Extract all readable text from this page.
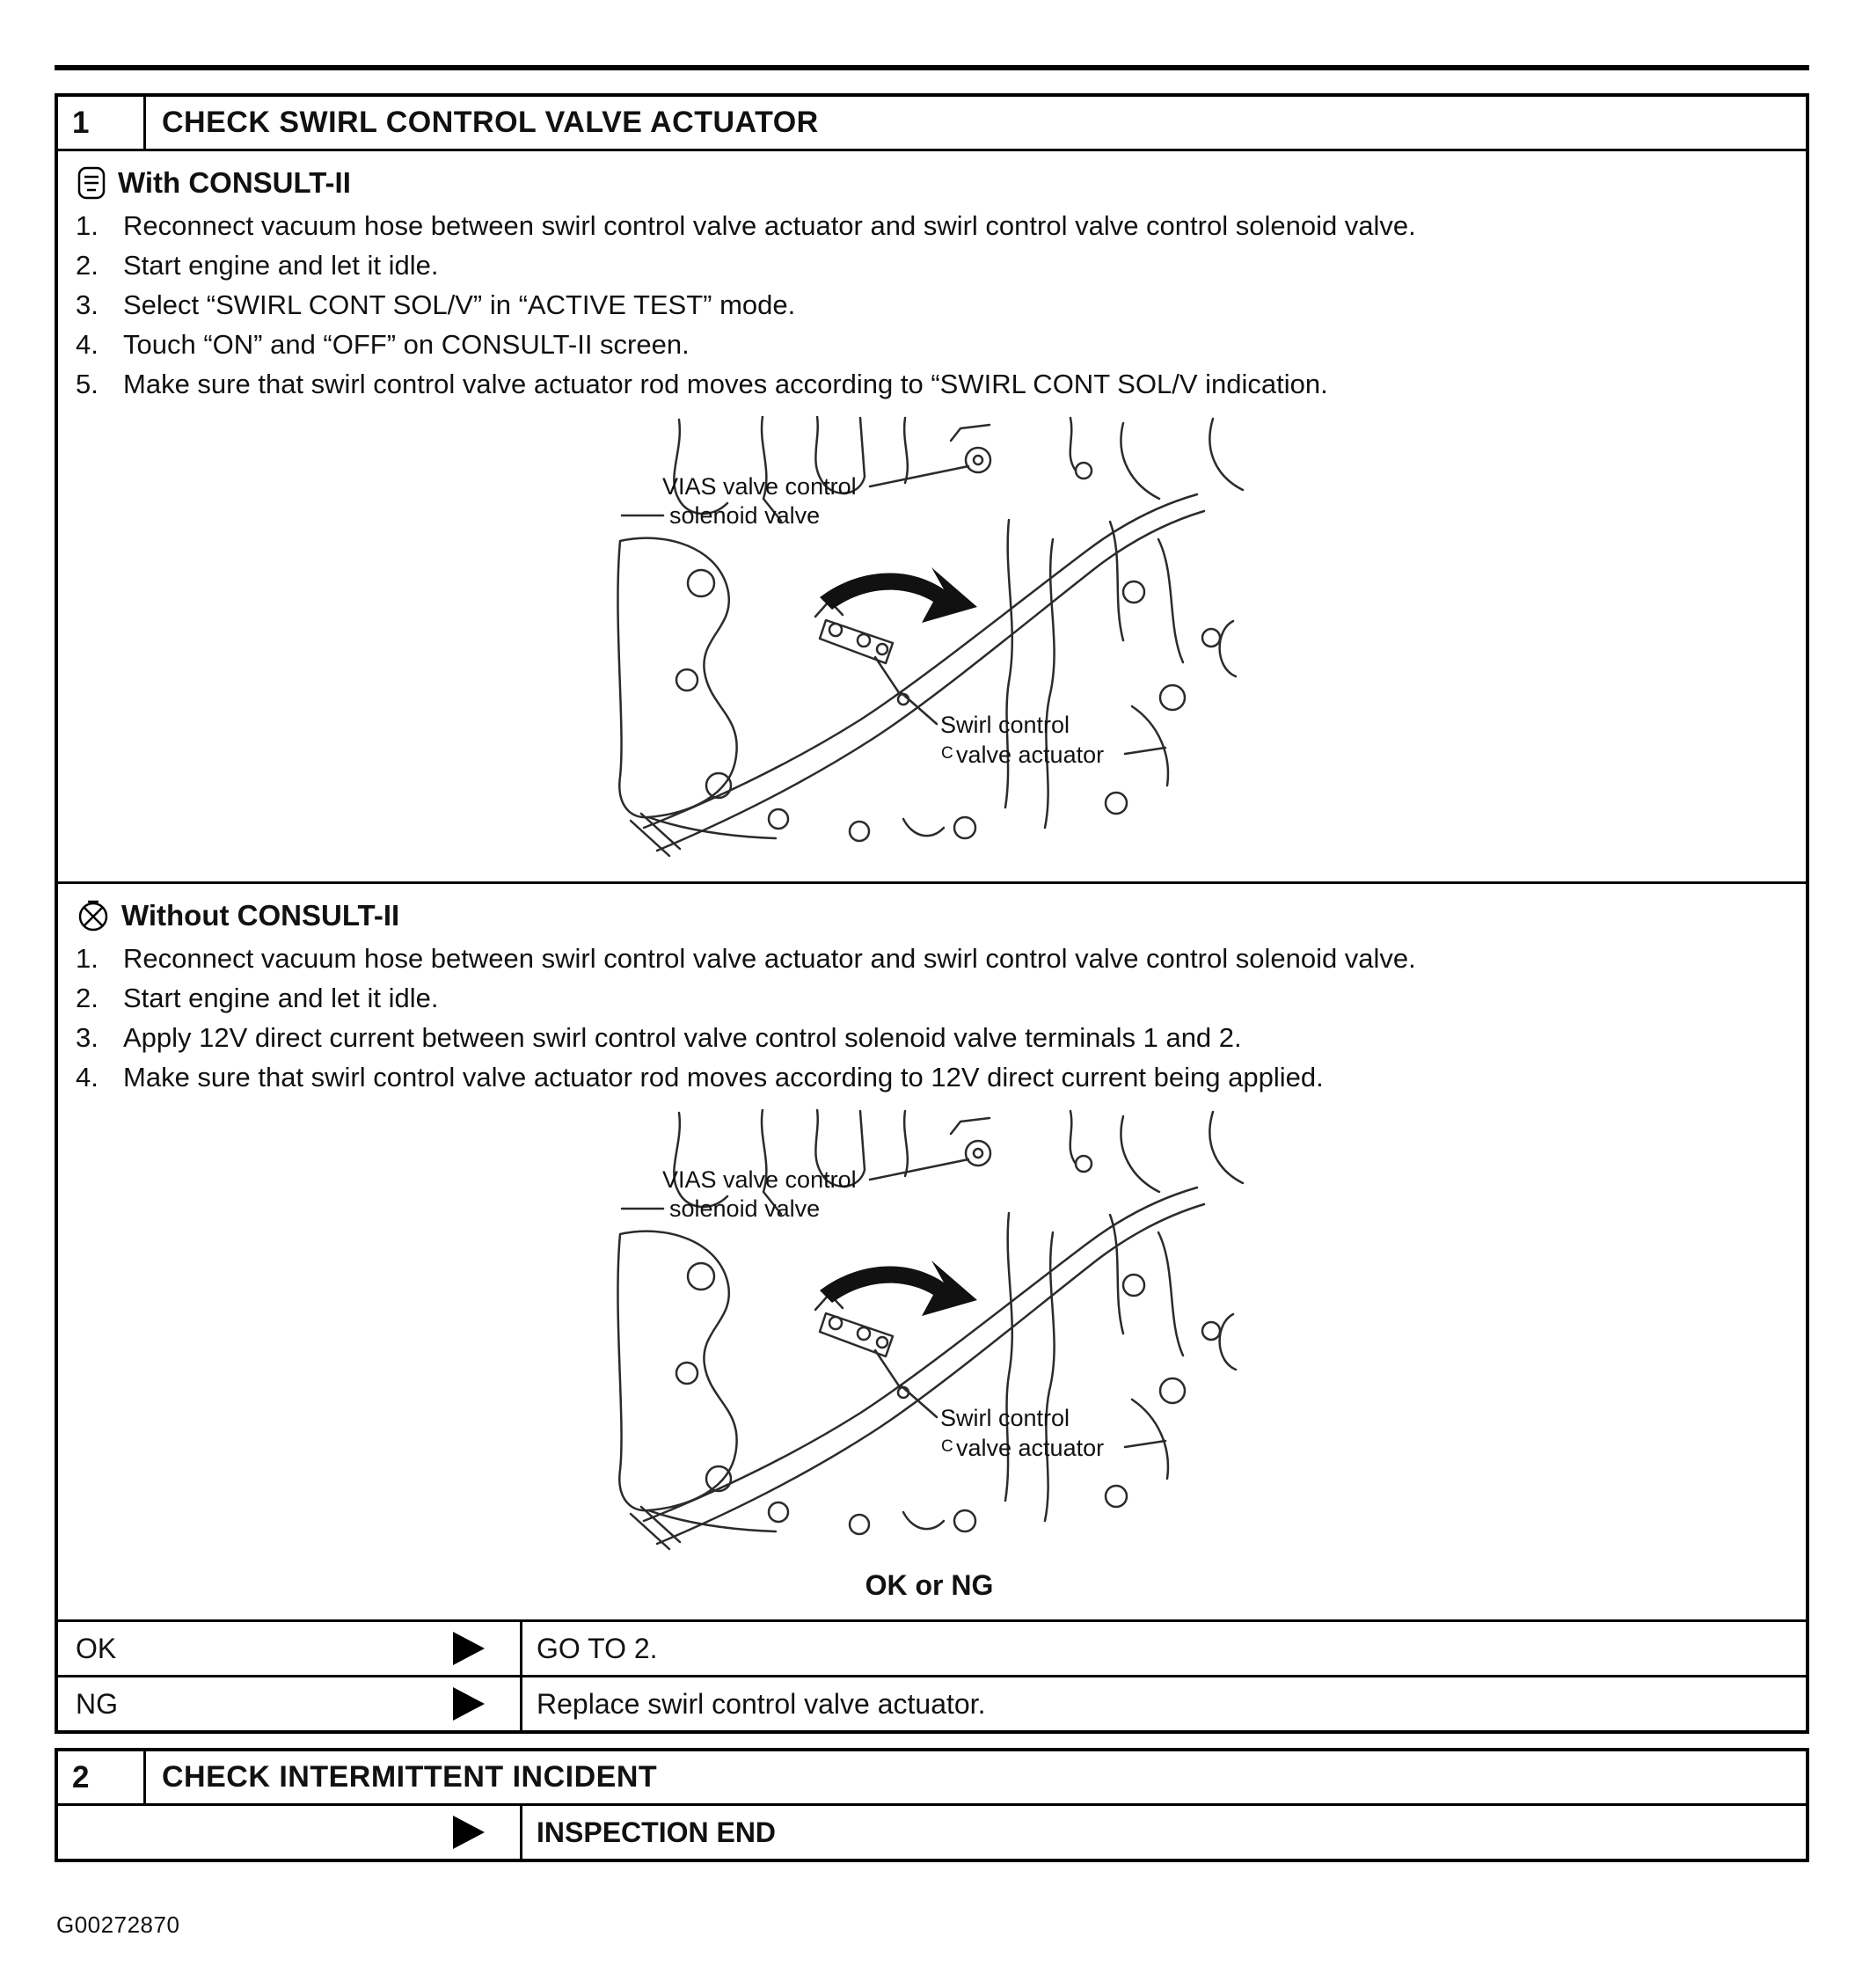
1	CHECK SWIRL CONTROL VALVE ACTUATOR
With CONSULT-II
1. Reconnect vacuum hose between swirl control valve actuator and swirl control valve control solenoid valve.
2. Start engine and let it idle.
3. Select “SWIRL CONT SOL/V” in “ACTIVE TEST” mode.
4. Touch “ON” and “OFF” on CONSULT-II screen.
5. Make sure that swirl control valve actuator rod moves according to “SWIRL CONT SOL/V indication.
VIAS valve control
solenoid valve
Swirl control
C valve actuator
Without CONSULT-II
1. Reconnect vacuum hose between swirl control valve actuator and swirl control valve control solenoid valve.
2. Start engine and let it idle.
3. Apply 12V direct current between swirl control valve control solenoid valve terminals 1 and 2.
4. Make sure that swirl control valve actuator rod moves according to 12V direct current being applied.
VIAS valve control
solenoid valve
Swirl control
C valve actuator
OK or NG
OK	GO TO 2.
NG	Replace swirl control valve actuator.
2	CHECK INTERMITTENT INCIDENT
INSPECTION END
G00272870
